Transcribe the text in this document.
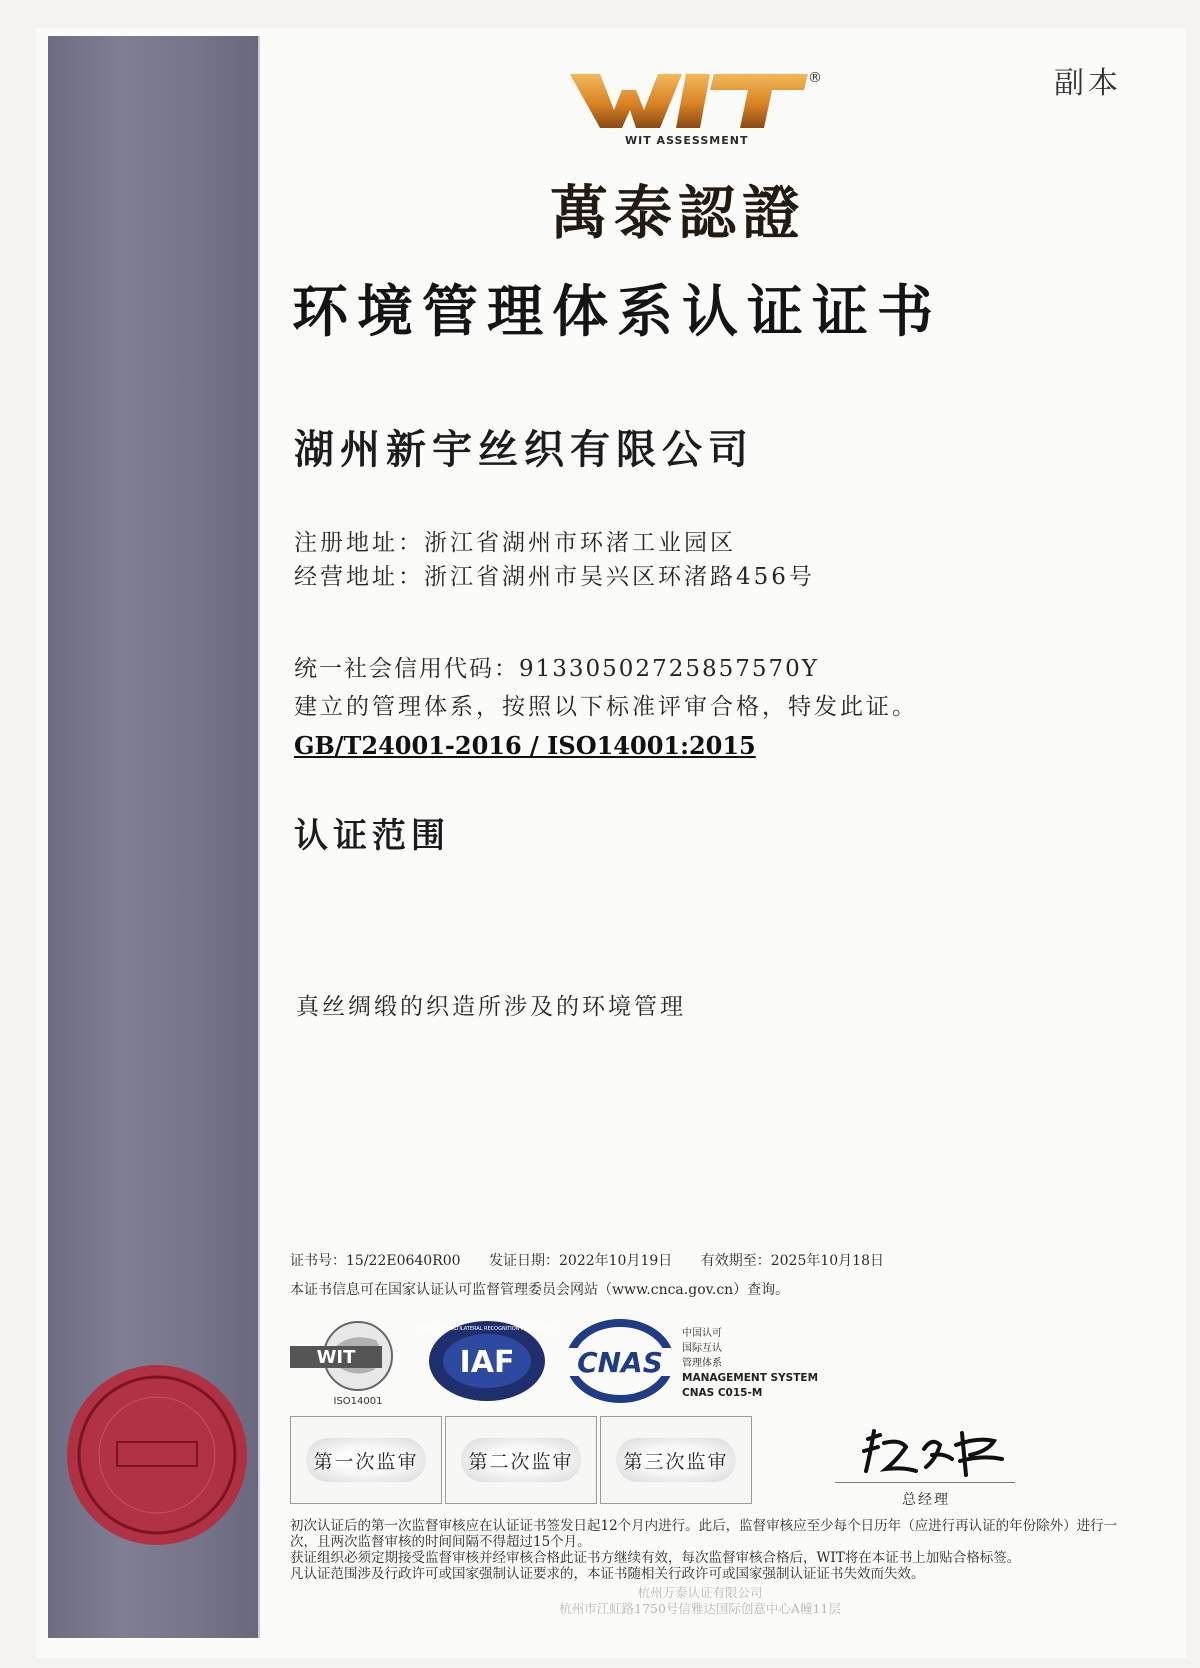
副本
®
WIT ASSESSMENT
萬泰認證
环境管理体系认证证书
湖州新宇丝织有限公司
注册地址：浙江省湖州市环渚工业园区
经营地址：浙江省湖州市吴兴区环渚路456号
统一社会信用代码：91330502725857570Y
建立的管理体系，按照以下标准评审合格，特发此证。
GB/T24001-2016 / ISO14001:2015
认证范围
真丝绸缎的织造所涉及的环境管理
证书号：15/22E0640R00 发证日期：2022年10月19日 有效期至：2025年10月18日
本证书信息可在国家认证认可监督管理委员会网站（www.cnca.gov.cn）查询。
WIT
ISO14001
IAF
MEMBER OF MULTILATERAL RECOGNITION ARRANGEMENT
CNAS
中国认可
国际互认
管理体系
MANAGEMENT SYSTEM
CNAS C015-M
第一次监审	第二次监审	第三次监审
总经理

初次认证后的第一次监督审核应在认证证书签发日起12个月内进行。此后，监督审核应至少每个日历年（应进行再认证的年份除外）进行一次，且两次监督审核的时间间隔不得超过15个月。

获证组织必须定期接受监督审核并经审核合格此证书方继续有效，每次监督审核合格后，WIT将在本证书上加贴合格标签。

凡认证范围涉及行政许可或国家强制认证要求的，本证书随相关行政许可或国家强制认证证书失效而失效。

杭州万泰认证有限公司
杭州市江虹路1750号信雅达国际创意中心A幢11层
